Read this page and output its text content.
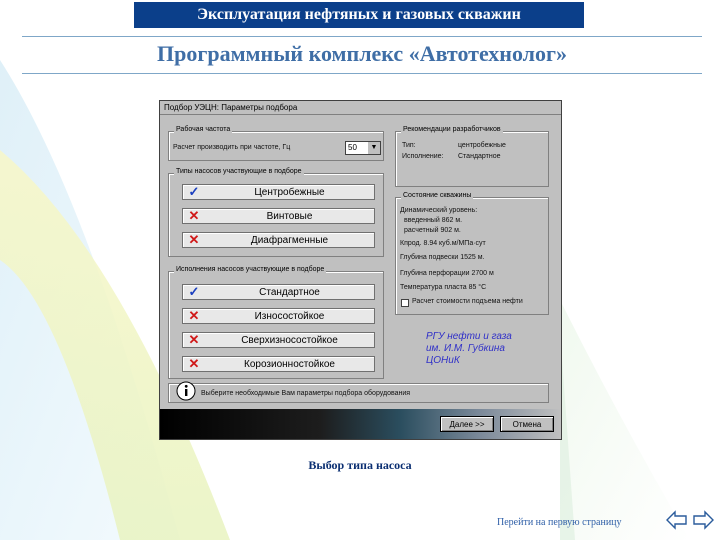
Эксплуатация нефтяных и газовых скважин
Программный комплекс «Автотехнолог»
Подбор УЭЦН: Параметры подбора
Рабочая частота
Расчет производить при частоте, Гц	50	▼
Типы насосов участвующие в подборе
✓	Центробежные
✕	Винтовые
✕	Диафрагменные
Исполнения насосов участвующие в подборе
✓	Стандартное
✕	Износостойкое
✕	Сверхизносостойкое
✕	Корозионностойкое
Рекомендации разработчиков
Тип:	центробежные
Исполнение: Стандартное
Состояние скважины
Динамический уровень:
введенный 862 м.
расчетный 902 м.
Кпрод. 8.94 куб.м/МПа·сут
Глубина подвески 1525 м.
Глубина перфорации 2700 м
Температура пласта 85 °С
Расчет стоимости подъема нефти
РГУ нефти и газа
им. И.М. Губкина
ЦОНиК
Выберите необходимые Вам параметры подбора оборудования
Далее >>	Отмена
Выбор типа насоса
Перейти на первую страницу
